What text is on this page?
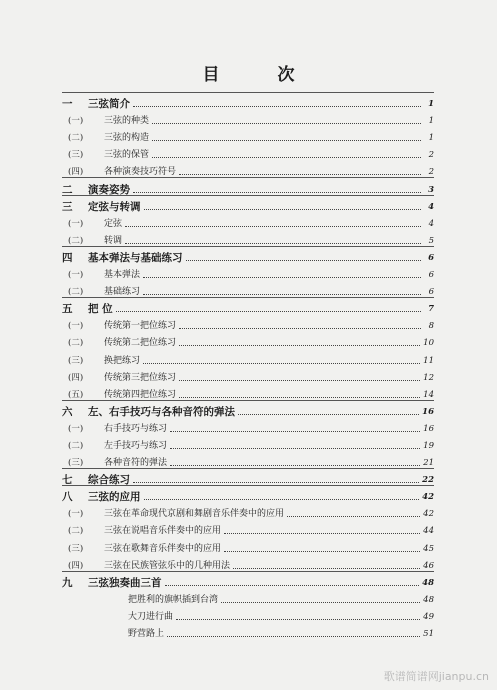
目 次
一	三弦简介	1
(一)	三弦的种类	1
(二)	三弦的构造	1
(三)	三弦的保管	2
(四)	各种演奏技巧符号	2
二	演奏姿势	3
三	定弦与转调	4
(一)	定弦	4
(二)	转调	5
四	基本弹法与基础练习	6
(一)	基本弹法	6
(二)	基础练习	6
五	把 位	7
(一)	传统第一把位练习	8
(二)	传统第二把位练习	10
(三)	换把练习	11
(四)	传统第三把位练习	12
(五)	传统第四把位练习	14
六	左、右手技巧与各种音符的弹法	16
(一)	右手技巧与练习	16
(二)	左手技巧与练习	19
(三)	各种音符的弹法	21
七	综合练习	22
八	三弦的应用	42
(一)	三弦在革命现代京剧和舞剧音乐伴奏中的应用	42
(二)	三弦在说唱音乐伴奏中的应用	44
(三)	三弦在歌舞音乐伴奏中的应用	45
(四)	三弦在民族管弦乐中的几种用法	46
九	三弦独奏曲三首	48
把胜利的旗帜插到台湾	48
大刀进行曲	49
野营路上	51
歌谱简谱网jianpu.cn
